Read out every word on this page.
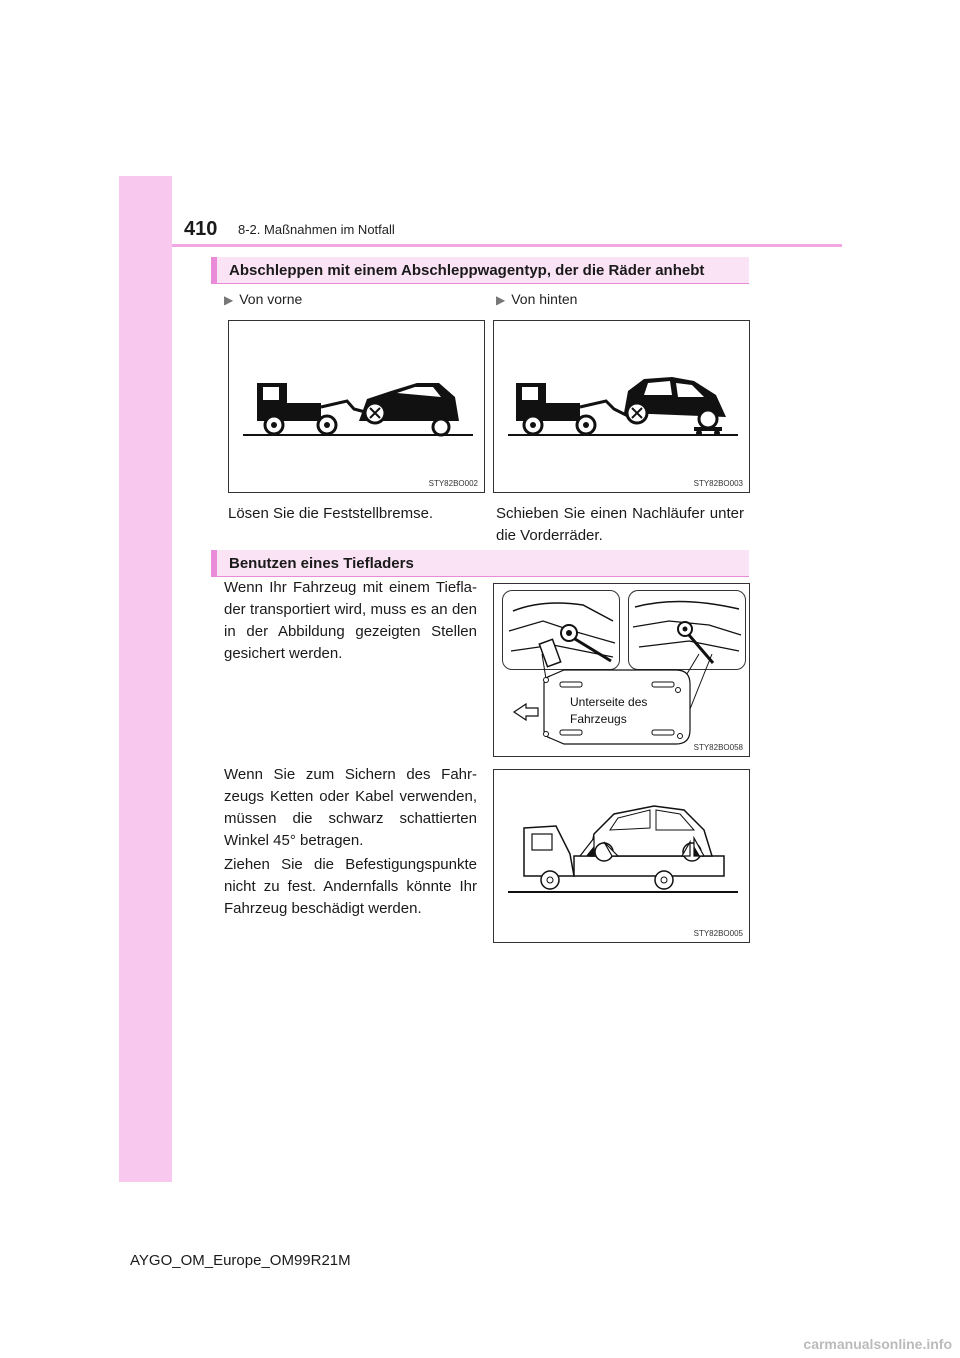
410 8-2. Maßnahmen im Notfall
Abschleppen mit einem Abschleppwagentyp, der die Räder anhebt
▶ Von vorne	▶ Von hinten
STY82BO002	STY82BO003
Lösen Sie die Feststellbremse.	Schieben Sie einen Nachläufer unter die Vorderräder.
Benutzen eines Tiefladers
Wenn Ihr Fahrzeug mit einem Tiefla-der transportiert wird, muss es an den in der Abbildung gezeigten Stellen gesichert werden.
Unterseite des Fahrzeugs
STY82BO058
Wenn Sie zum Sichern des Fahr-zeugs Ketten oder Kabel verwenden, müssen die schwarz schattierten Winkel 45° betragen.
Ziehen Sie die Befestigungspunkte nicht zu fest. Andernfalls könnte Ihr Fahrzeug beschädigt werden.
STY82BO005
AYGO_OM_Europe_OM99R21M
carmanualsonline.info
